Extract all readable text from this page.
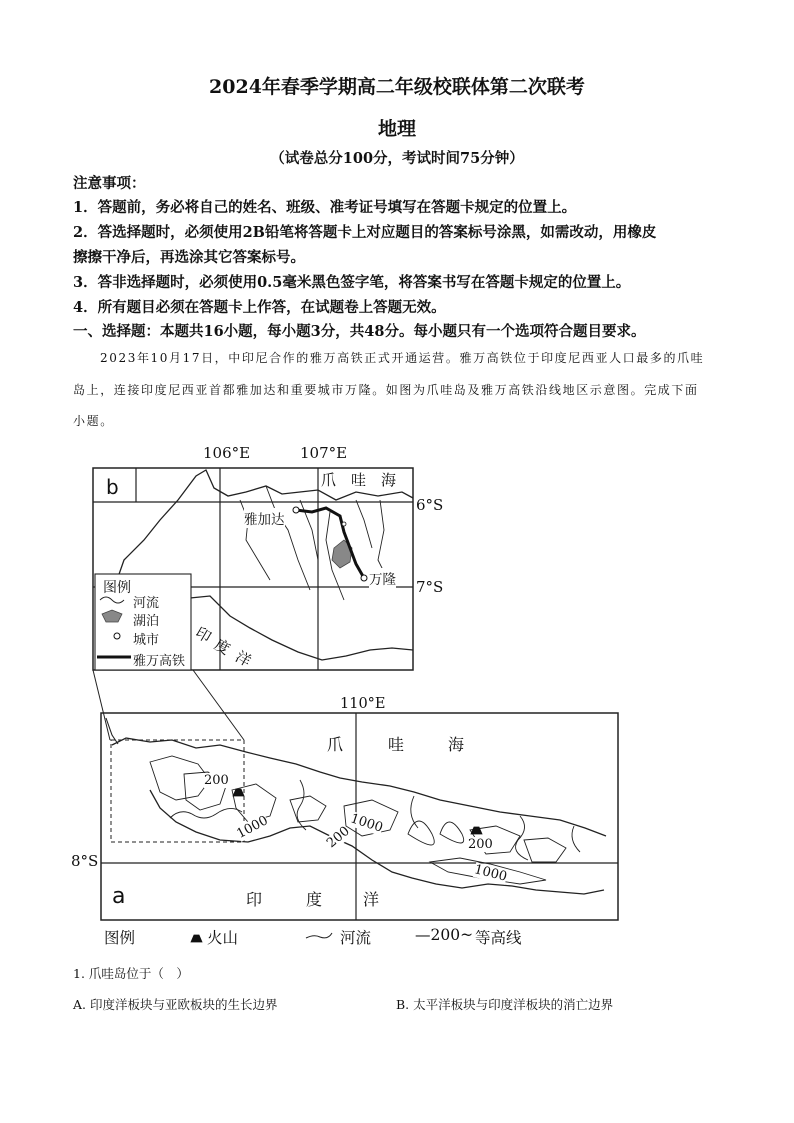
2024年春季学期高二年级校联体第二次联考
地理
（试卷总分100分，考试时间75分钟）
注意事项：
1．答题前，务必将自己的姓名、班级、准考证号填写在答题卡规定的位置上。
2．答选择题时，必须使用2B铅笔将答题卡上对应题目的答案标号涂黑，如需改动，用橡皮
擦擦干净后，再选涂其它答案标号。
3．答非选择题时，必须使用0.5毫米黑色签字笔，将答案书写在答题卡规定的位置上。
4．所有题目必须在答题卡上作答，在试题卷上答题无效。
一、选择题：本题共16小题，每小题3分，共48分。每小题只有一个选项符合题目要求。
2023年10月17日，中印尼合作的雅万高铁正式开通运营。雅万高铁位于印度尼西亚人口最多的爪哇
岛上，连接印度尼西亚首都雅加达和重要城市万隆。如图为爪哇岛及雅万高铁沿线地区示意图。完成下面
小题。
106°E	107°E
6°S
7°S
b	爪　哇　海
印
度
洋
雅加达
万隆
图例
河流
湖泊
城市
雅万高铁
110°E
8°S
a
爪	哇	海
印	度	洋
200
1000	1000
200	200
1000
图例	火山	河流	—200~ 等高线
1. 爪哇岛位于（　）
A. 印度洋板块与亚欧板块的生长边界	B. 太平洋板块与印度洋板块的消亡边界
